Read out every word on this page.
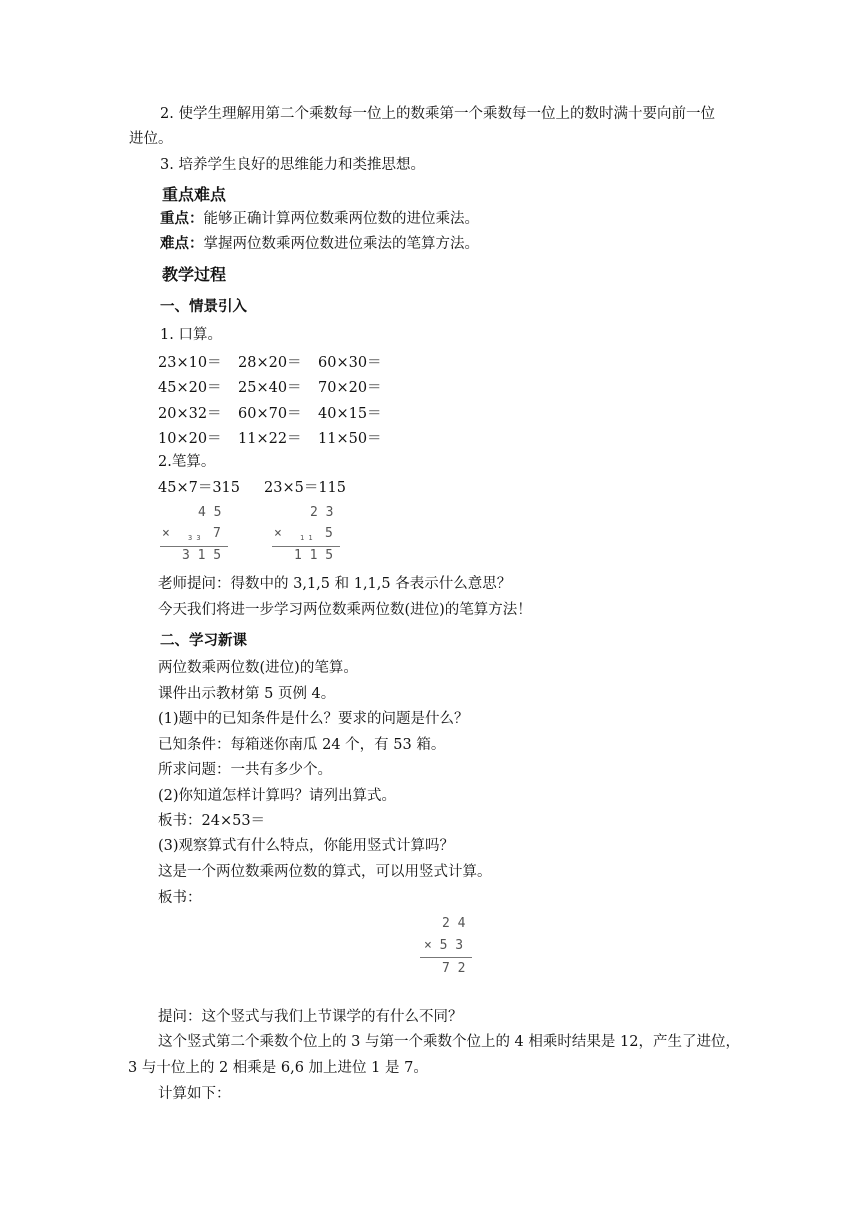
2. 使学生理解用第二个乘数每一位上的数乘第一个乘数每一位上的数时满十要向前一位
进位。
3. 培养学生良好的思维能力和类推思想。
重点难点
重点：能够正确计算两位数乘两位数的进位乘法。
难点：掌握两位数乘两位数进位乘法的笔算方法。
教学过程
一、情景引入
1. 口算。
23×10＝	28×20＝	60×30＝
45×20＝	25×40＝	70×20＝
20×32＝	60×70＝	40×15＝
10×20＝	11×22＝	11×50＝
2.笔算。
45×7＝315 23×5＝115
4 5
×	3 3 7
3 1 5
2 3
×	1 1 5
1 1 5
老师提问：得数中的 3,1,5 和 1,1,5 各表示什么意思？
今天我们将进一步学习两位数乘两位数(进位)的笔算方法！
二、学习新课
两位数乘两位数(进位)的笔算。
课件出示教材第 5 页例 4。
(1)题中的已知条件是什么？要求的问题是什么？
已知条件：每箱迷你南瓜 24 个，有 53 箱。
所求问题：一共有多少个。
(2)你知道怎样计算吗？请列出算式。
板书：24×53＝
(3)观察算式有什么特点，你能用竖式计算吗？
这是一个两位数乘两位数的算式，可以用竖式计算。
板书：
2 4
× 5 3
7 2
提问：这个竖式与我们上节课学的有什么不同？
这个竖式第二个乘数个位上的 3 与第一个乘数个位上的 4 相乘时结果是 12，产生了进位，
3 与十位上的 2 相乘是 6,6 加上进位 1 是 7。
计算如下：
